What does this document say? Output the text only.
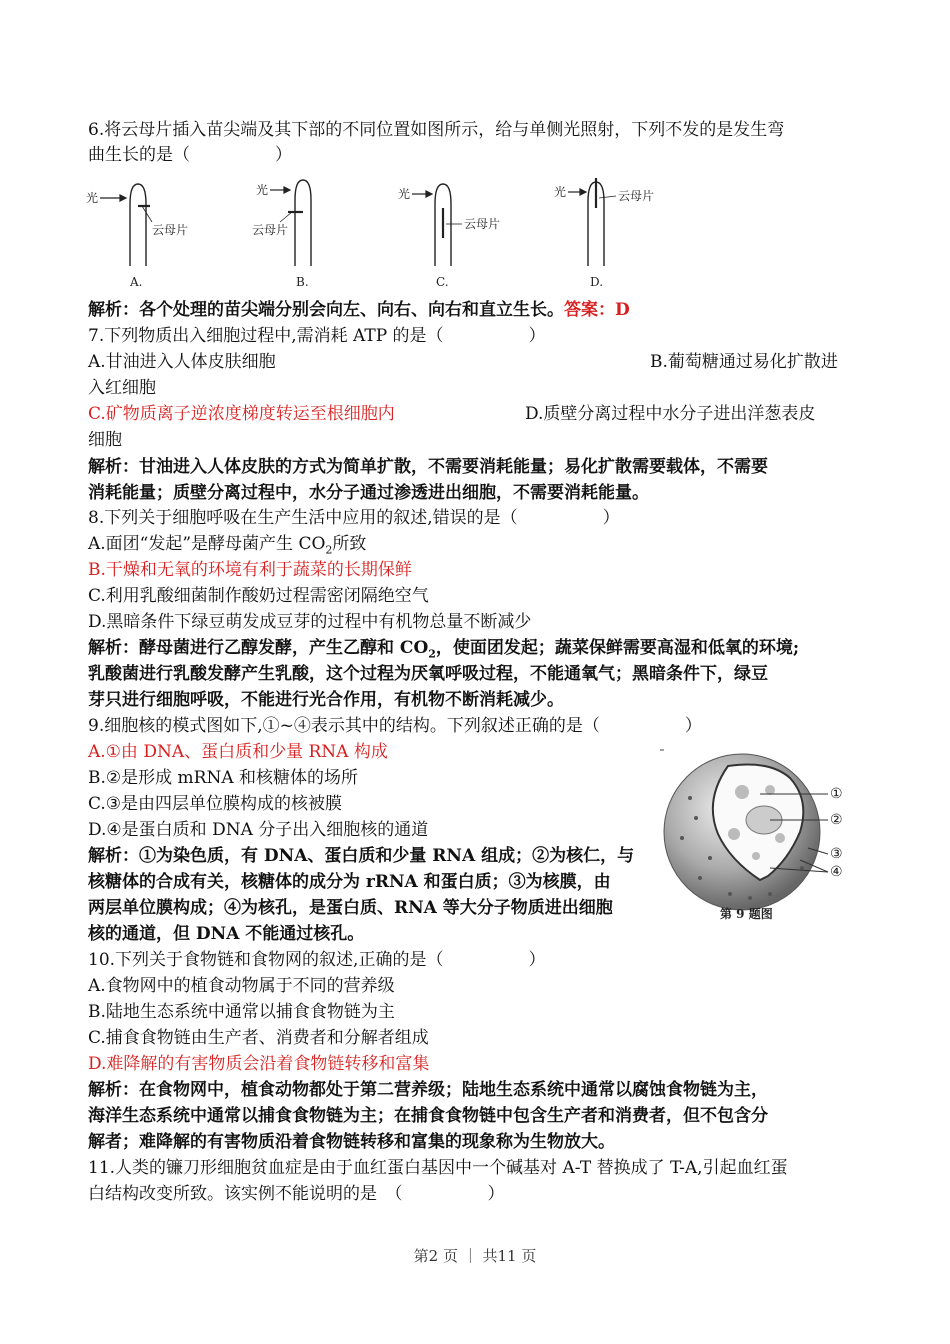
6.将云母片插入苗尖端及其下部的不同位置如图所示，给与单侧光照射，下列不发的是发生弯
曲生长的是（　　　　　）
光
光	光	光
云母片	云母片	云母片
云母片
A.	B.	C.	D.
解析：各个处理的苗尖端分别会向左、向右、向右和直立生长。答案：D
7.下列物质出入细胞过程中,需消耗 ATP 的是（　　　　　）
A.甘油进入人体皮肤细胞	B.葡萄糖通过易化扩散进
入红细胞
C.矿物质离子逆浓度梯度转运至根细胞内	D.质壁分离过程中水分子进出洋葱表皮
细胞
解析：甘油进入人体皮肤的方式为简单扩散，不需要消耗能量；易化扩散需要载体，不需要
消耗能量；质壁分离过程中，水分子通过渗透进出细胞，不需要消耗能量。
8.下列关于细胞呼吸在生产生活中应用的叙述,错误的是（　　　　　）
A.面团“发起”是酵母菌产生 $CO_2$所致
B.干燥和无氧的环境有利于蔬菜的长期保鲜
C.利用乳酸细菌制作酸奶过程需密闭隔绝空气
D.黑暗条件下绿豆萌发成豆芽的过程中有机物总量不断减少
解析：酵母菌进行乙醇发酵，产生乙醇和 $CO_2$，使面团发起；蔬菜保鲜需要高湿和低氧的环境;
乳酸菌进行乳酸发酵产生乳酸，这个过程为厌氧呼吸过程，不能通氧气；黑暗条件下，绿豆
芽只进行细胞呼吸，不能进行光合作用，有机物不断消耗减少。
9.细胞核的模式图如下,①~④表示其中的结构。下列叙述正确的是（　　　　　）
A.①由 DNA、蛋白质和少量 RNA 构成
B.②是形成 mRNA 和核糖体的场所
C.③是由四层单位膜构成的核被膜
D.④是蛋白质和 DNA 分子出入细胞核的通道
解析：①为染色质，有 DNA、蛋白质和少量 RNA 组成；②为核仁，与
核糖体的合成有关，核糖体的成分为 rRNA 和蛋白质；③为核膜，由
两层单位膜构成；④为核孔，是蛋白质、RNA 等大分子物质进出细胞
核的通道，但 DNA 不能通过核孔。
①
②
③
④
第 9 题图
10.下列关于食物链和食物网的叙述,正确的是（　　　　　）
A.食物网中的植食动物属于不同的营养级
B.陆地生态系统中通常以捕食食物链为主
C.捕食食物链由生产者、消费者和分解者组成
D.难降解的有害物质会沿着食物链转移和富集
解析：在食物网中，植食动物都处于第二营养级；陆地生态系统中通常以腐蚀食物链为主，
海洋生态系统中通常以捕食食物链为主；在捕食食物链中包含生产者和消费者，但不包含分
解者；难降解的有害物质沿着食物链转移和富集的现象称为生物放大。
11.人类的镰刀形细胞贫血症是由于血红蛋白基因中一个碱基对 A-T 替换成了 T-A,引起血红蛋
白结构改变所致。该实例不能说明的是　（　　　　　）
第2 页 ｜ 共11 页
